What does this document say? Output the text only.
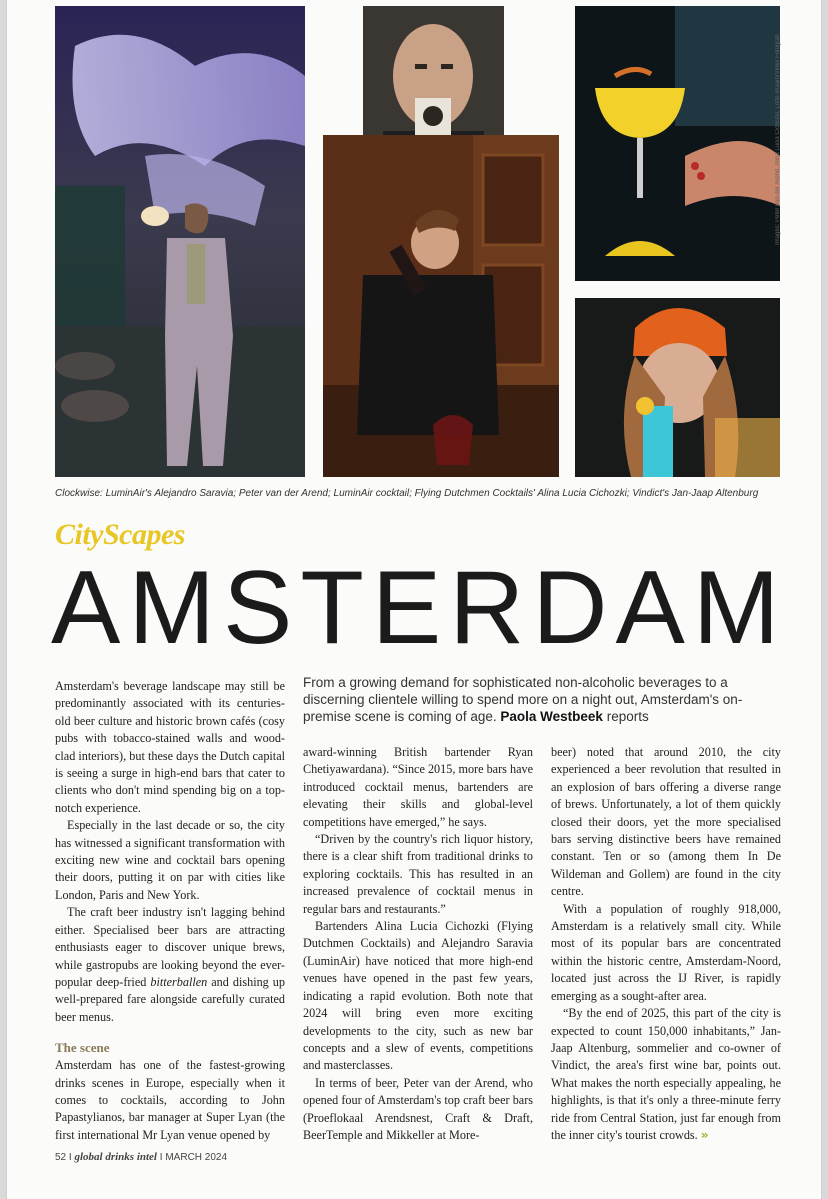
Images: Peter van der Arend, Alina Lucia Cichozki, Lotte Braam/Vinkx Fotografi
Clockwise: LuminAir's Alejandro Saravia; Peter van der Arend; LuminAir cocktail; Flying Dutchmen Cocktails' Alina Lucia Cichozki; Vindict's Jan-Jaap Altenburg
CityScapes
AMSTERDAM
From a growing demand for sophisticated non-alcoholic beverages to a discerning clientele willing to spend more on a night out, Amsterdam's on-premise scene is coming of age. Paola Westbeek reports

Amsterdam's beverage landscape may still be predominantly associated with its centuries-old beer culture and historic brown cafés (cosy pubs with tobacco-stained walls and wood-clad interiors), but these days the Dutch capital is seeing a surge in high-end bars that cater to clients who don't mind spending big on a top-notch experience.

Especially in the last decade or so, the city has witnessed a significant transformation with exciting new wine and cocktail bars opening their doors, putting it on par with cities like London, Paris and New York.

The craft beer industry isn't lagging behind either. Specialised beer bars are attracting enthusiasts eager to discover unique brews, while gastropubs are looking beyond the ever-popular deep-fried bitterballen and dishing up well-prepared fare alongside carefully curated beer menus.

The scene

Amsterdam has one of the fastest-growing drinks scenes in Europe, especially when it comes to cocktails, according to John Papastylianos, bar manager at Super Lyan (the first international Mr Lyan venue opened by

award-winning British bartender Ryan Chetiyawardana). “Since 2015, more bars have introduced cocktail menus, bartenders are elevating their skills and global-level competitions have emerged,” he says.

“Driven by the country's rich liquor history, there is a clear shift from traditional drinks to exploring cocktails. This has resulted in an increased prevalence of cocktail menus in regular bars and restaurants.”

Bartenders Alina Lucia Cichozki (Flying Dutchmen Cocktails) and Alejandro Saravia (LuminAir) have noticed that more high-end venues have opened in the past few years, indicating a rapid evolution. Both note that 2024 will bring even more exciting developments to the city, such as new bar concepts and a slew of events, competitions and masterclasses.

In terms of beer, Peter van der Arend, who opened four of Amsterdam's top craft beer bars (Proeflokaal Arendsnest, Craft & Draft, BeerTemple and Mikkeller at More-

beer) noted that around 2010, the city experienced a beer revolution that resulted in an explosion of bars offering a diverse range of brews. Unfortunately, a lot of them quickly closed their doors, yet the more specialised bars serving distinctive beers have remained constant. Ten or so (among them In De Wildeman and Gollem) are found in the city centre.

With a population of roughly 918,000, Amsterdam is a relatively small city. While most of its popular bars are concentrated within the historic centre, Amsterdam-Noord, located just across the IJ River, is rapidly emerging as a sought-after area.

“By the end of 2025, this part of the city is expected to count 150,000 inhabitants,” Jan-Jaap Altenburg, sommelier and co-owner of Vindict, the area's first wine bar, points out. What makes the north especially appealing, he highlights, is that it's only a three-minute ferry ride from Central Station, just far enough from the inner city's tourist crowds. »

52 I global drinks intel I MARCH 2024
